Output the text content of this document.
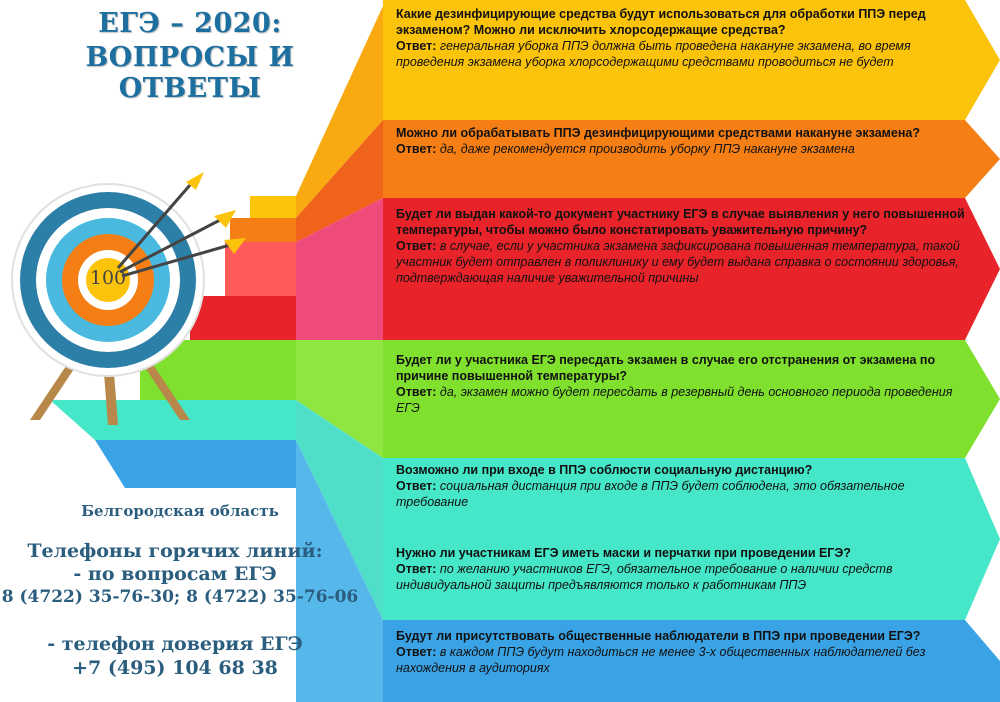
ЕГЭ – 2020:
ВОПРОСЫ И ОТВЕТЫ
100
Какие дезинфицирующие средства будут использоваться для обработки ППЭ перед экзаменом? Можно ли исключить хлорсодержащие средства?
Ответ: генеральная уборка ППЭ должна быть проведена накануне экзамена, во время проведения экзамена уборка хлорсодержащими средствами проводиться не будет
Можно ли обрабатывать ППЭ дезинфицирующими средствами накануне экзамена?
Ответ: да, даже рекомендуется производить уборку ППЭ накануне экзамена
Будет ли выдан какой-то документ участнику ЕГЭ в случае выявления у него повышенной температуры, чтобы можно было констатировать уважительную причину?
Ответ: в случае, если у участника экзамена зафиксирована повышенная температура, такой участник будет отправлен в поликлинику и ему будет выдана справка о состоянии здоровья, подтверждающая наличие уважительной причины
Будет ли у участника ЕГЭ пересдать экзамен в случае его отстранения от экзамена по причине повышенной температуры?
Ответ: да, экзамен можно будет пересдать в резервный день основного периода проведения ЕГЭ
Возможно ли при входе в ППЭ соблюсти социальную дистанцию?
Ответ: социальная дистанция при входе в ППЭ будет соблюдена, это обязательное требование
Нужно ли участникам ЕГЭ иметь маски и перчатки при проведении ЕГЭ?
Ответ: по желанию участников ЕГЭ, обязательное требование о наличии средств индивидуальной защиты предъявляются только к работникам ППЭ
Будут ли присутствовать общественные наблюдатели в ППЭ при проведении ЕГЭ?
Ответ: в каждом ППЭ будут находиться не менее 3-х общественных наблюдателей без нахождения в аудиториях
Белгородская область
Телефоны горячих линий:
- по вопросам ЕГЭ
8 (4722) 35-76-30; 8 (4722) 35-76-06
- телефон доверия ЕГЭ
+7 (495) 104 68 38
